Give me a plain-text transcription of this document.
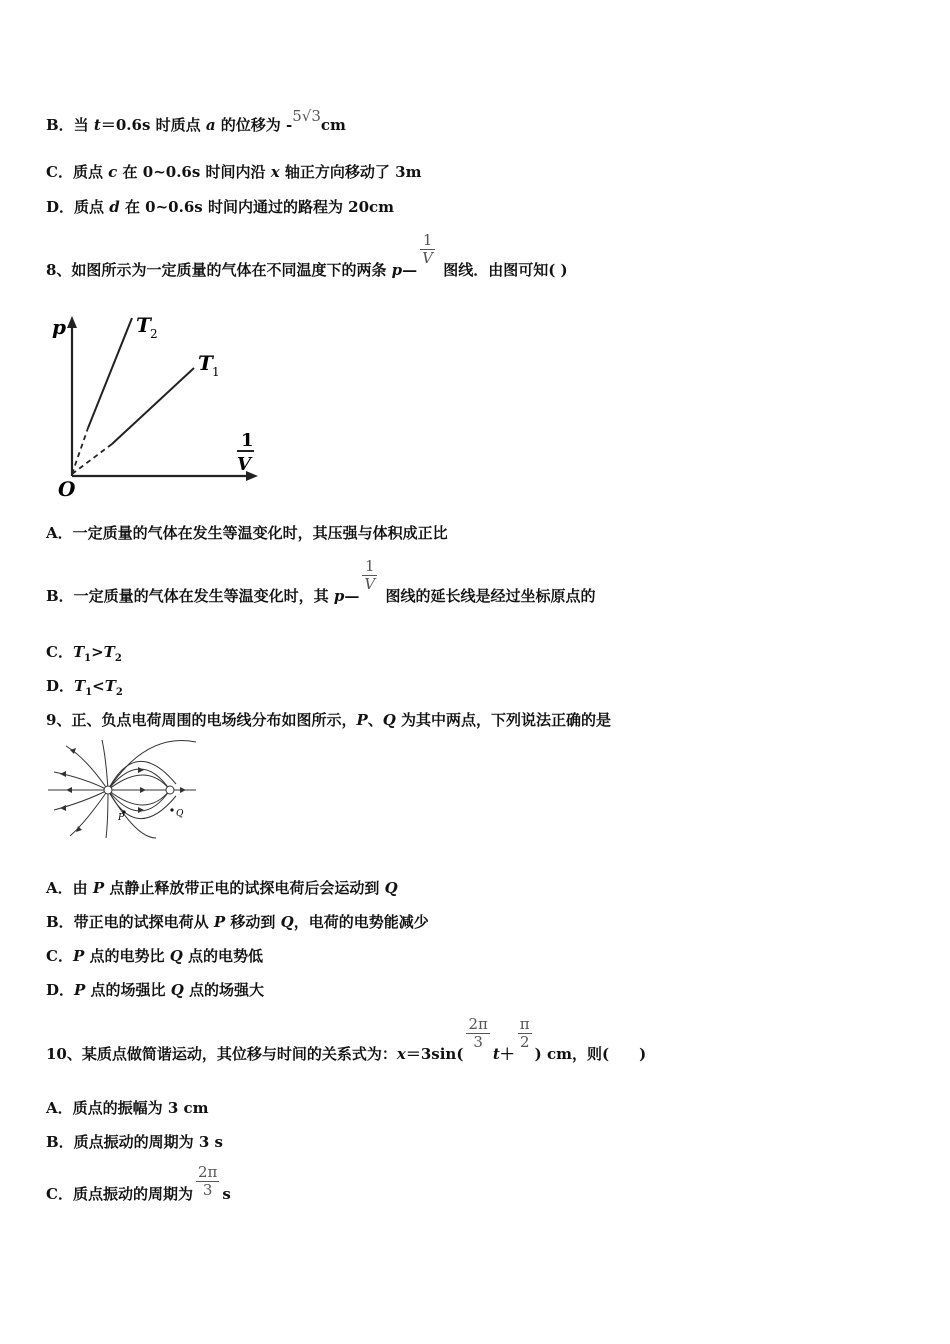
B．当 t＝0.6s 时质点 a 的位移为 -5√3cm
C．质点 c 在 0~0.6s 时间内沿 x 轴正方向移动了 3m
D．质点 d 在 0~0.6s 时间内通过的路程为 20cm
8、如图所示为一定质量的气体在不同温度下的两条 p—
$\frac{1}{V}$
图线．由图可知( )
p	T 2
T 1
1
V
O
A．一定质量的气体在发生等温变化时，其压强与体积成正比
B．一定质量的气体在发生等温变化时，其 p—
$\frac{1}{V}$
图线的延长线是经过坐标原点的
C．$T_1>T_2$
D．$T_1<T_2$
9、正、负点电荷周围的电场线分布如图所示，P、Q 为其中两点，下列说法正确的是
P	Q
A．由 P 点静止释放带正电的试探电荷后会运动到 Q
B．带正电的试探电荷从 P 移动到 Q，电荷的电势能减少
C．P 点的电势比 Q 点的电势低
D．P 点的场强比 Q 点的场强大
10、某质点做简谐运动，其位移与时间的关系式为：x＝3sin(
$\frac{2\pi}{3}$
t＋
$\frac{\pi}{2}$
) cm，则(　　)
A．质点的振幅为 3 cm
B．质点振动的周期为 3 s
C．质点振动的周期为 $\frac{2\pi}{3}$ s
